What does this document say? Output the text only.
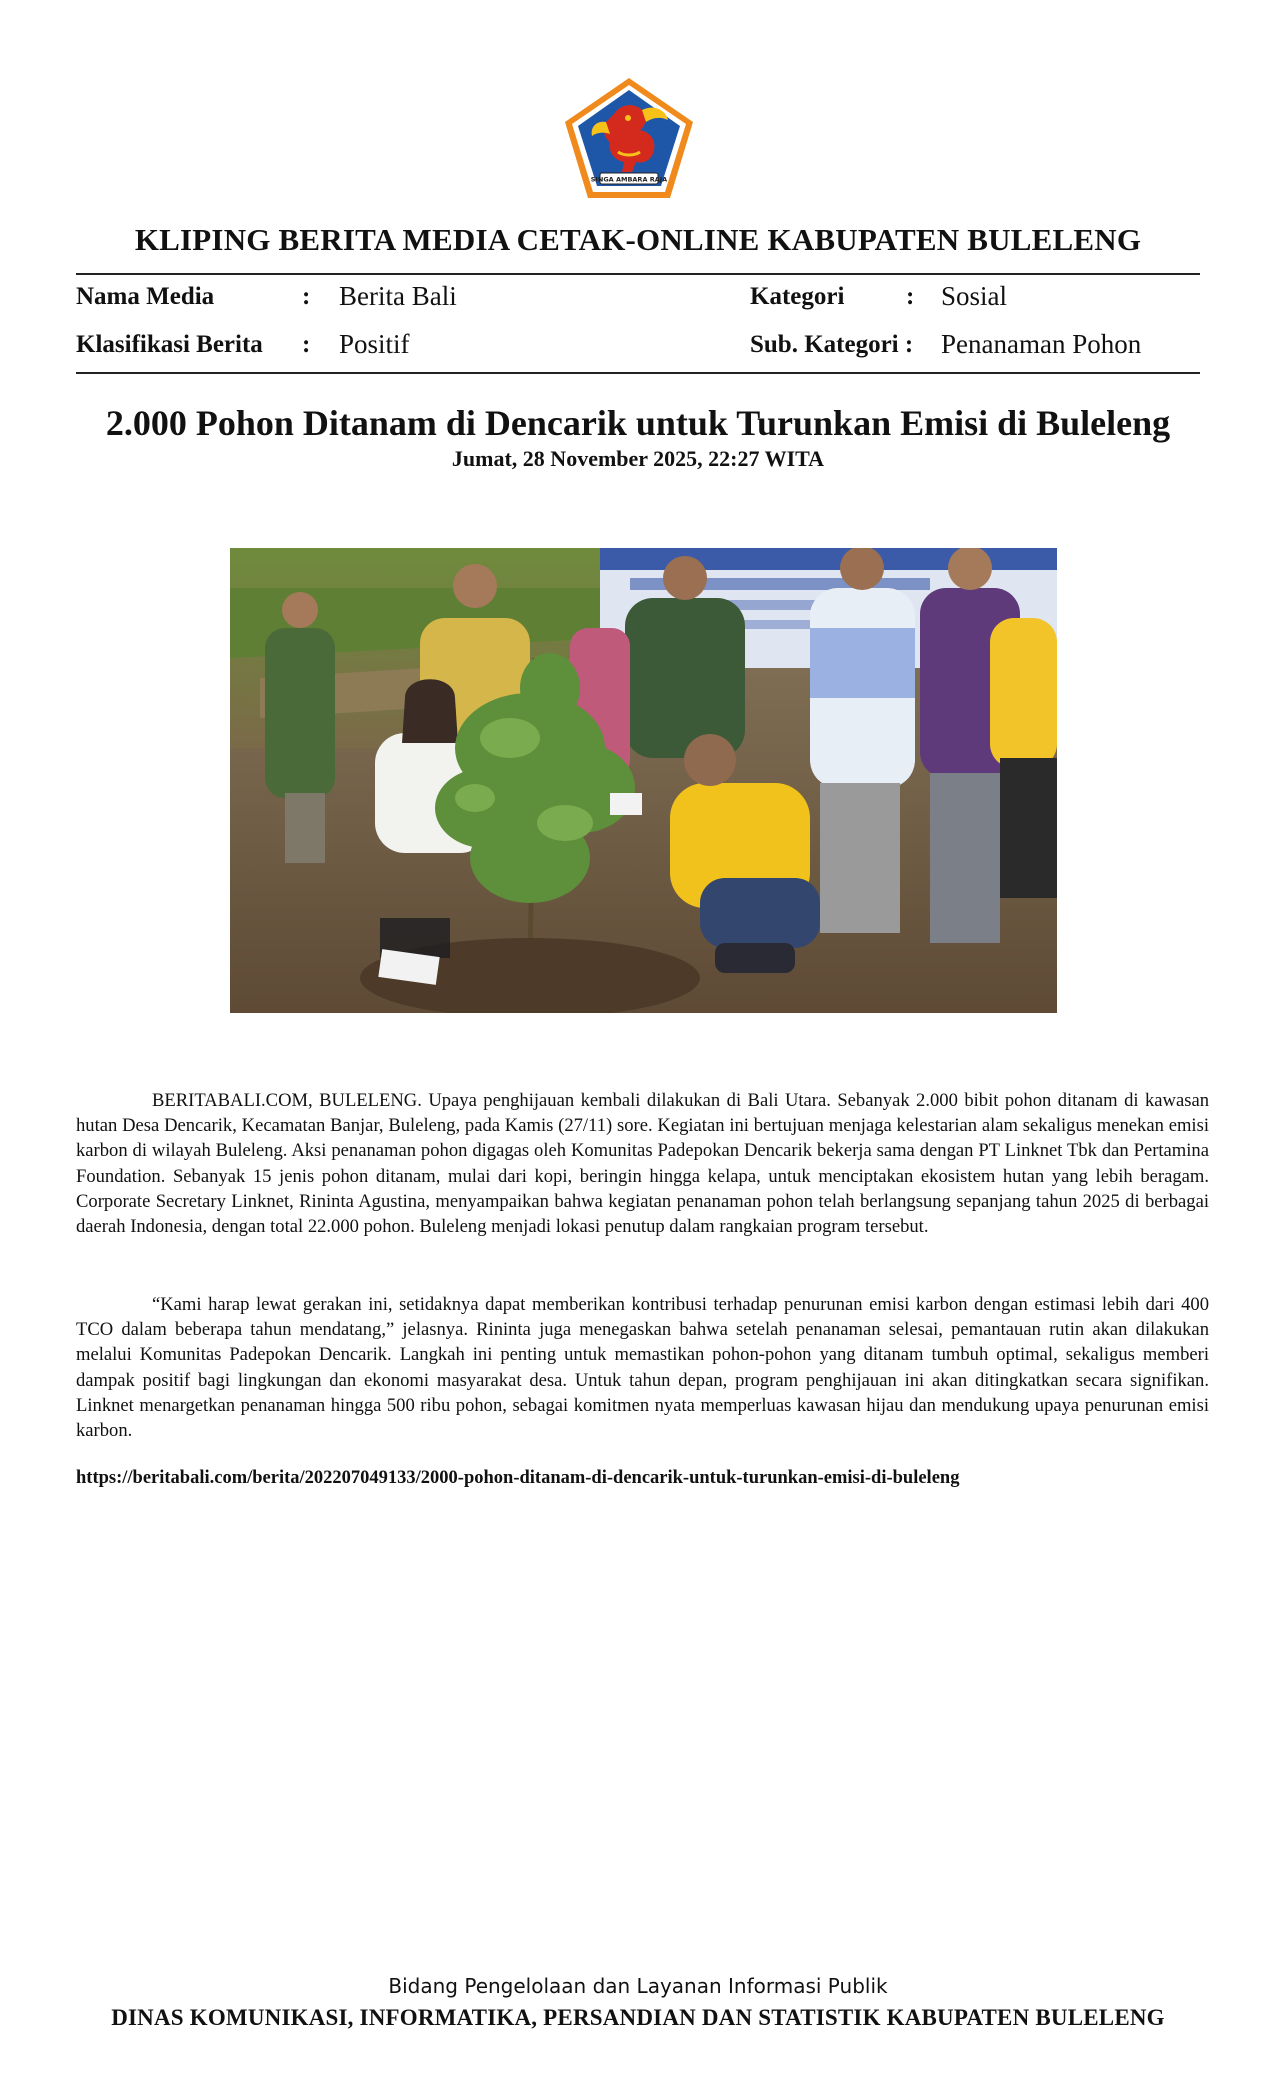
SINGA AMBARA RAJA
KLIPING BERITA MEDIA CETAK-ONLINE KABUPATEN BULELENG
Nama Media	: Berita Bali	Kategori : Sosial
Klasifikasi Berita : Positif	Sub. Kategori : Penanaman Pohon
2.000 Pohon Ditanam di Dencarik untuk Turunkan Emisi di Buleleng
Jumat, 28 November 2025, 22:27 WITA

BERITABALI.COM, BULELENG. Upaya penghijauan kembali dilakukan di Bali Utara. Sebanyak 2.000 bibit pohon ditanam di kawasan hutan Desa Dencarik, Kecamatan Banjar, Buleleng, pada Kamis (27/11) sore. Kegiatan ini bertujuan menjaga kelestarian alam sekaligus menekan emisi karbon di wilayah Buleleng. Aksi penanaman pohon digagas oleh Komunitas Padepokan Dencarik bekerja sama dengan PT Linknet Tbk dan Pertamina Foundation. Sebanyak 15 jenis pohon ditanam, mulai dari kopi, beringin hingga kelapa, untuk menciptakan ekosistem hutan yang lebih beragam. Corporate Secretary Linknet, Rininta Agustina, menyampaikan bahwa kegiatan penanaman pohon telah berlangsung sepanjang tahun 2025 di berbagai daerah Indonesia, dengan total 22.000 pohon. Buleleng menjadi lokasi penutup dalam rangkaian program tersebut.

“Kami harap lewat gerakan ini, setidaknya dapat memberikan kontribusi terhadap penurunan emisi karbon dengan estimasi lebih dari 400 TCO dalam beberapa tahun mendatang,” jelasnya. Rininta juga menegaskan bahwa setelah penanaman selesai, pemantauan rutin akan dilakukan melalui Komunitas Padepokan Dencarik. Langkah ini penting untuk memastikan pohon-pohon yang ditanam tumbuh optimal, sekaligus memberi dampak positif bagi lingkungan dan ekonomi masyarakat desa. Untuk tahun depan, program penghijauan ini akan ditingkatkan secara signifikan. Linknet menargetkan penanaman hingga 500 ribu pohon, sebagai komitmen nyata memperluas kawasan hijau dan mendukung upaya penurunan emisi karbon.

https://beritabali.com/berita/202207049133/2000-pohon-ditanam-di-dencarik-untuk-turunkan-emisi-di-buleleng
Bidang Pengelolaan dan Layanan Informasi Publik
DINAS KOMUNIKASI, INFORMATIKA, PERSANDIAN DAN STATISTIK KABUPATEN BULELENG
